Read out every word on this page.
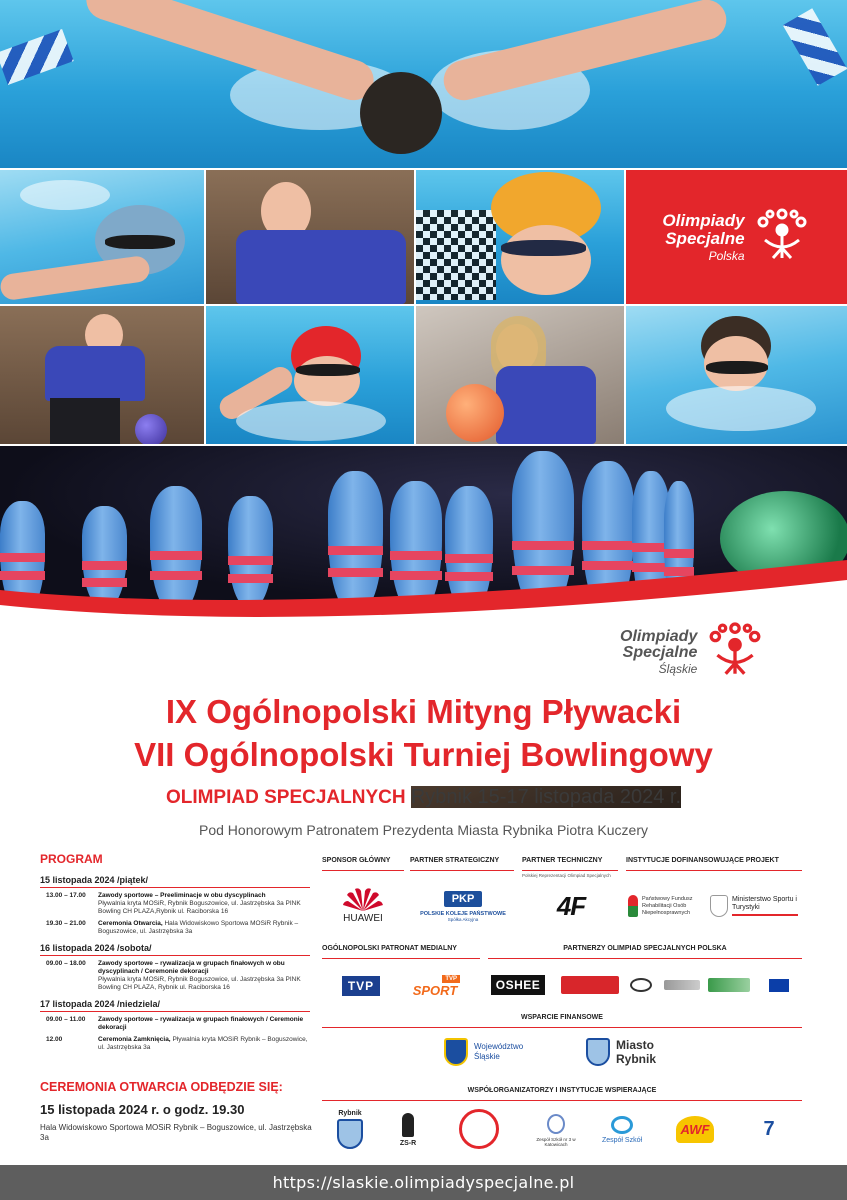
Olimpiady
Specjalne
Polska
Olimpiady
Specjalne
Śląskie
IX Ogólnopolski Mityng Pływacki
VII Ogólnopolski Turniej Bowlingowy
OLIMPIAD SPECJALNYCH Rybnik 15-17 listopada 2024 r.
Pod Honorowym Patronatem Prezydenta Miasta Rybnika Piotra Kuczery
PROGRAM
15 listopada 2024 /piątek/
13.00 – 17.00	Zawody sportowe – Preeliminacje w obu dyscyplinach
Pływalnia kryta MOSiR, Rybnik Boguszowice, ul. Jastrzębska 3a PINK Bowling CH PLAZA,Rybnik ul. Raciborska 16
19.30 – 21.00	Ceremonia Otwarcia, Hala Widowiskowo Sportowa MOSiR Rybnik – Boguszowice, ul. Jastrzębska 3a
16 listopada 2024 /sobota/
09.00 – 18.00	Zawody sportowe – rywalizacja w grupach finałowych w obu dyscyplinach / Ceremonie dekoracji
Pływalnia kryta MOSiR, Rybnik Boguszowice, ul. Jastrzębska 3a PINK Bowling CH PLAZA, Rybnik ul. Raciborska 16
17 listopada 2024 /niedziela/
09.00 – 11.00	Zawody sportowe – rywalizacja w grupach finałowych / Ceremonie dekoracji
12.00	Ceremonia Zamknięcia, Pływalnia kryta MOSiR Rybnik – Boguszowice, ul. Jastrzębska 3a
CEREMONIA OTWARCIA ODBĘDZIE SIĘ:
15 listopada 2024 r. o godz. 19.30
Hala Widowiskowo Sportowa MOSiR Rybnik – Boguszowice, ul. Jastrzębska 3a
SPONSOR GŁÓWNY	PARTNER STRATEGICZNY	PARTNER TECHNICZNY
Polskiej Reprezentacji Olimpiad Specjalnych
INSTYTUCJE DOFINANSOWUJĄCE PROJEKT
HUAWEI
PKP
POLSKIE KOLEJE PAŃSTWOWE
Spółka Akcyjna	4F	Państwowy Fundusz Rehabilitacji Osób Niepełnosprawnych
Ministerstwo Sportu i Turystyki
OGÓLNOPOLSKI PATRONAT MEDIALNY	PARTNERZY OLIMPIAD SPECJALNYCH POLSKA
TVP
TVP
SPORT	OSHEE
WSPARCIE FINANSOWE
Województwo Śląskie
Miasto Rybnik
WSPÓŁORGANIZATORZY I INSTYTUCJE WSPIERAJĄCE
Rybnik
ZS-R
Zespół Szkół nr 3 w Katowicach	Zespół Szkół
AWF	7
https://slaskie.olimpiadyspecjalne.pl
